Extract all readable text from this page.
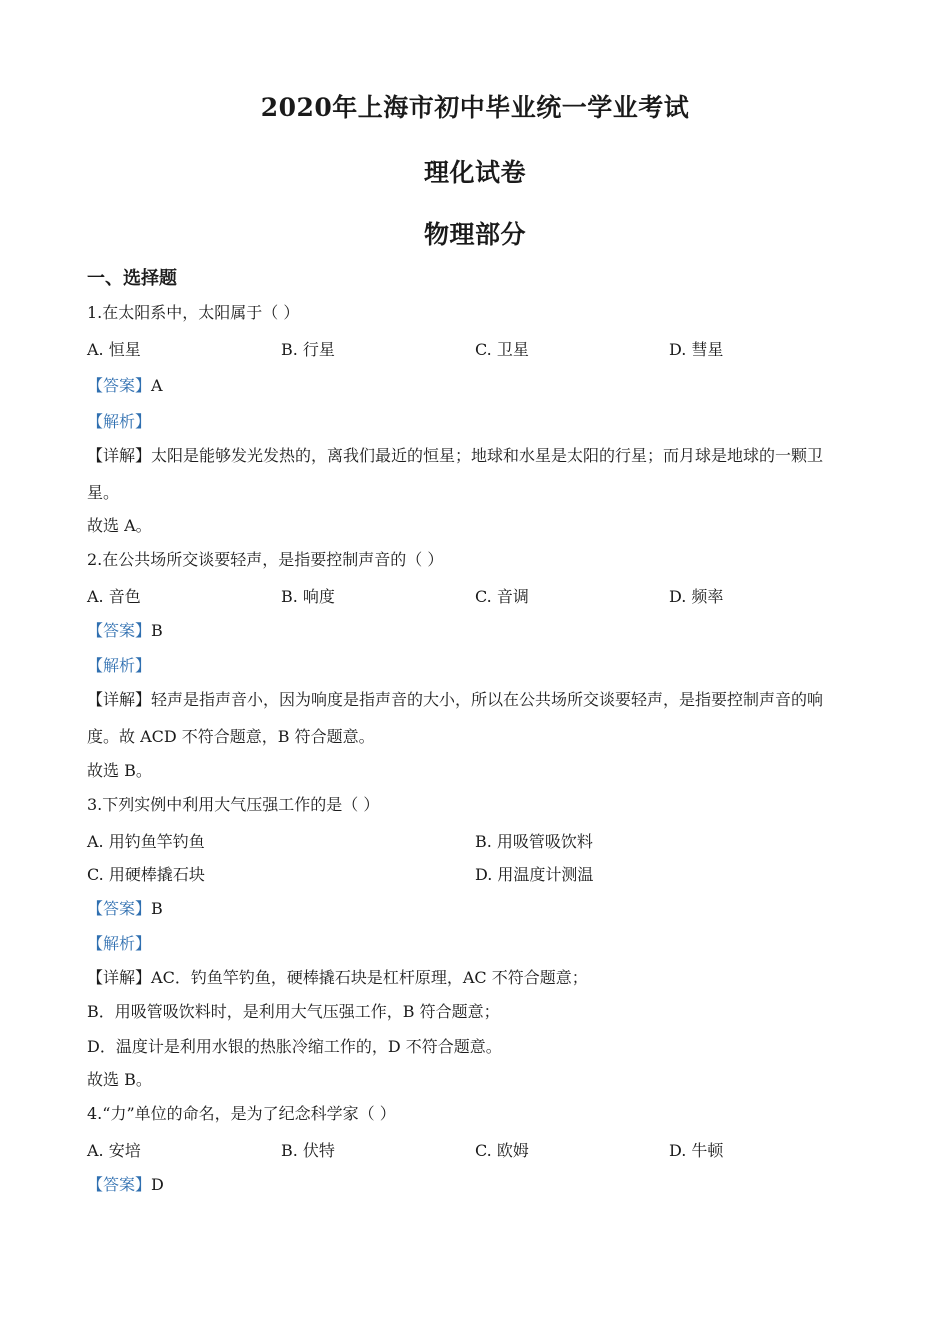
2020年上海市初中毕业统一学业考试
理化试卷
物理部分
一、选择题
1.在太阳系中，太阳属于（ ）
A. 恒星	B. 行星	C. 卫星	D. 彗星
【答案】A
【解析】
【详解】太阳是能够发光发热的，离我们最近的恒星；地球和水星是太阳的行星；而月球是地球的一颗卫
星。
故选 A。
2.在公共场所交谈要轻声，是指要控制声音的（ ）
A. 音色	B. 响度	C. 音调	D. 频率
【答案】B
【解析】
【详解】轻声是指声音小，因为响度是指声音的大小，所以在公共场所交谈要轻声，是指要控制声音的响
度。故 ACD 不符合题意，B 符合题意。
故选 B。
3.下列实例中利用大气压强工作的是（ ）
A. 用钓鱼竿钓鱼	B. 用吸管吸饮料
C. 用硬棒撬石块	D. 用温度计测温
【答案】B
【解析】
【详解】AC．钓鱼竿钓鱼，硬棒撬石块是杠杆原理，AC 不符合题意；
B．用吸管吸饮料时，是利用大气压强工作，B 符合题意；
D．温度计是利用水银的热胀冷缩工作的，D 不符合题意。
故选 B。
4.“力”单位的命名，是为了纪念科学家（ ）
A. 安培	B. 伏特	C. 欧姆	D. 牛顿
【答案】D
